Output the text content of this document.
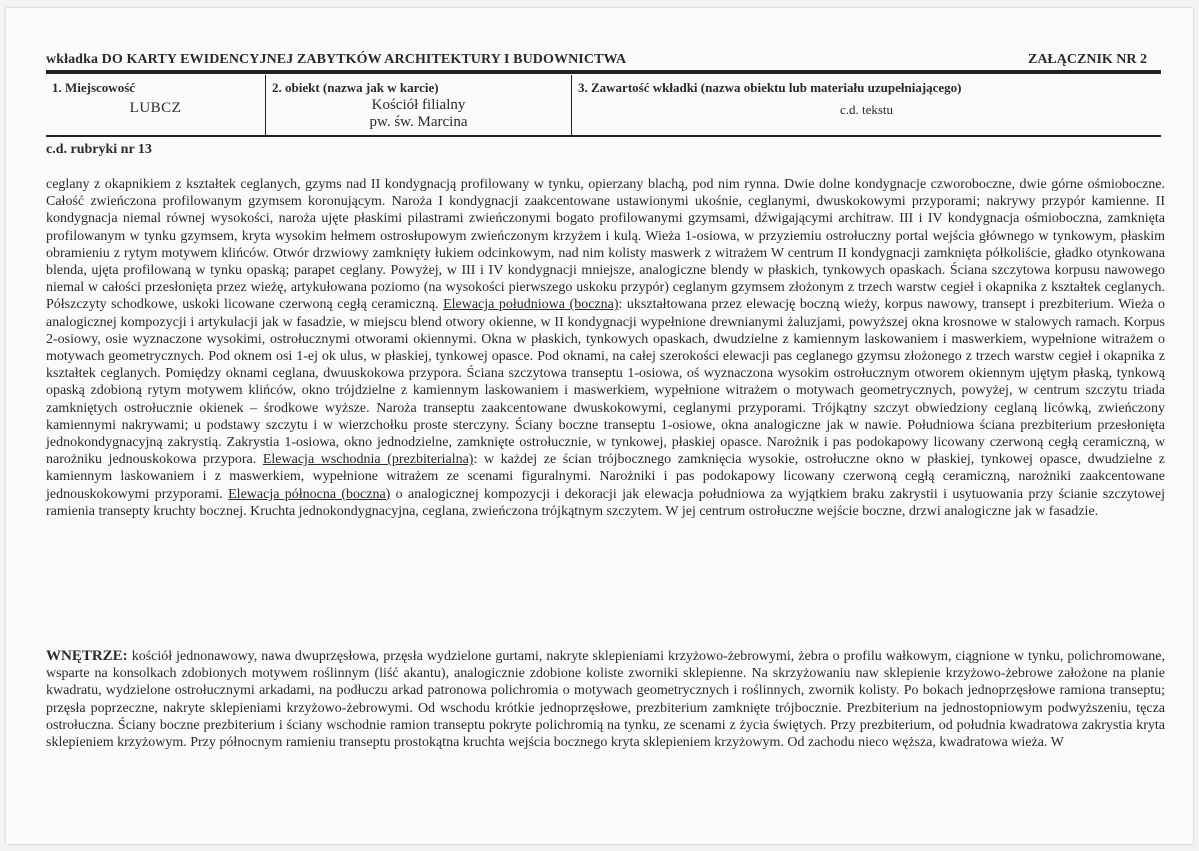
wkładka DO KARTY EWIDENCYJNEJ ZABYTKÓW ARCHITEKTURY I BUDOWNICTWA	ZAŁĄCZNIK NR 2
1. Miejscowość
LUBCZ
2. obiekt (nazwa jak w karcie)
Kościół filialny
pw. św. Marcina
3. Zawartość wkładki (nazwa obiektu lub materiału uzupełniającego)
c.d. tekstu
c.d. rubryki nr 13

ceglany z okapnikiem z kształtek ceglanych, gzyms nad II kondygnacją profilowany w tynku, opierzany blachą, pod nim rynna. Dwie dolne kondygnacje czworoboczne, dwie górne ośmioboczne. Całość zwieńczona profilowanym gzymsem koronującym. Naroża I kondygnacji zaakcentowane ustawionymi ukośnie, ceglanymi, dwuskokowymi przyporami; nakrywy przypór kamienne. II kondygnacja niemal równej wysokości, naroża ujęte płaskimi pilastrami zwieńczonymi bogato profilowanymi gzymsami, dźwigającymi architraw. III i IV kondygnacja ośmioboczna, zamknięta profilowanym w tynku gzymsem, kryta wysokim hełmem ostrosłupowym zwieńczonym krzyżem i kulą. Wieża 1-osiowa, w przyziemiu ostrołuczny portal wejścia głównego w tynkowym, płaskim obramieniu z rytym motywem klińców. Otwór drzwiowy zamknięty łukiem odcinkowym, nad nim kolisty maswerk z witrażem W centrum II kondygnacji zamknięta półkoliście, gładko otynkowana blenda, ujęta profilowaną w tynku opaską; parapet ceglany. Powyżej, w III i IV kondygnacji mniejsze, analogiczne blendy w płaskich, tynkowych opaskach. Ściana szczytowa korpusu nawowego niemal w całości przesłonięta przez wieżę, artykułowana poziomo (na wysokości pierwszego uskoku przypór) ceglanym gzymsem złożonym z trzech warstw cegieł i okapnika z kształtek ceglanych. Półszczyty schodkowe, uskoki licowane czerwoną cegłą ceramiczną. Elewacja południowa (boczna): ukształtowana przez elewację boczną wieży, korpus nawowy, transept i prezbiterium. Wieża o analogicznej kompozycji i artykulacji jak w fasadzie, w miejscu blend otwory okienne, w II kondygnacji wypełnione drewnianymi żaluzjami, powyższej okna krosnowe w stalowych ramach. Korpus 2-osiowy, osie wyznaczone wysokimi, ostrołucznymi otworami okiennymi. Okna w płaskich, tynkowych opaskach, dwudzielne z kamiennym laskowaniem i maswerkiem, wypełnione witrażem o motywach geometrycznych. Pod oknem osi 1-ej ok ulus, w płaskiej, tynkowej opasce. Pod oknami, na całej szerokości elewacji pas ceglanego gzymsu złożonego z trzech warstw cegieł i okapnika z kształtek ceglanych. Pomiędzy oknami ceglana, dwuuskokowa przypora. Ściana szczytowa transeptu 1-osiowa, oś wyznaczona wysokim ostrołucznym otworem okiennym ujętym płaską, tynkową opaską zdobioną rytym motywem klińców, okno trójdzielne z kamiennym laskowaniem i maswerkiem, wypełnione witrażem o motywach geometrycznych, powyżej, w centrum szczytu triada zamkniętych ostrołucznie okienek – środkowe wyższe. Naroża transeptu zaakcentowane dwuskokowymi, ceglanymi przyporami. Trójkątny szczyt obwiedziony ceglaną licówką, zwieńczony kamiennymi nakrywami; u podstawy szczytu i w wierzchołku proste sterczyny. Ściany boczne transeptu 1-osiowe, okna analogiczne jak w nawie. Południowa ściana prezbiterium przesłonięta jednokondygnacyjną zakrystią. Zakrystia 1-osiowa, okno jednodzielne, zamknięte ostrołucznie, w tynkowej, płaskiej opasce. Narożnik i pas podokapowy licowany czerwoną cegłą ceramiczną, w narożniku jednouskokowa przypora. Elewacja wschodnia (prezbiterialna): w każdej ze ścian trójbocznego zamknięcia wysokie, ostrołuczne okno w płaskiej, tynkowej opasce, dwudzielne z kamiennym laskowaniem i z maswerkiem, wypełnione witrażem ze scenami figuralnymi. Narożniki i pas podokapowy licowany czerwoną cegłą ceramiczną, narożniki zaakcentowane jednouskokowymi przyporami. Elewacja północna (boczna) o analogicznej kompozycji i dekoracji jak elewacja południowa za wyjątkiem braku zakrystii i usytuowania przy ścianie szczytowej ramienia transepty kruchty bocznej. Kruchta jednokondygnacyjna, ceglana, zwieńczona trójkątnym szczytem. W jej centrum ostrołuczne wejście boczne, drzwi analogiczne jak w fasadzie.

WNĘTRZE: kościół jednonawowy, nawa dwuprzęsłowa, przęsła wydzielone gurtami, nakryte sklepieniami krzyżowo-żebrowymi, żebra o profilu wałkowym, ciągnione w tynku, polichromowane, wsparte na konsolkach zdobionych motywem roślinnym (liść akantu), analogicznie zdobione koliste zworniki sklepienne. Na skrzyżowaniu naw sklepienie krzyżowo-żebrowe założone na planie kwadratu, wydzielone ostrołucznymi arkadami, na podłuczu arkad patronowa polichromia o motywach geometrycznych i roślinnych, zwornik kolisty. Po bokach jednoprzęsłowe ramiona transeptu; przęsła poprzeczne, nakryte sklepieniami krzyżowo-żebrowymi. Od wschodu krótkie jednoprzęsłowe, prezbiterium zamknięte trójbocznie. Prezbiterium na jednostopniowym podwyższeniu, tęcza ostrołuczna. Ściany boczne prezbiterium i ściany wschodnie ramion transeptu pokryte polichromią na tynku, ze scenami z życia świętych. Przy prezbiterium, od południa kwadratowa zakrystia kryta sklepieniem krzyżowym. Przy północnym ramieniu transeptu prostokątna kruchta wejścia bocznego kryta sklepieniem krzyżowym. Od zachodu nieco węższa, kwadratowa wieża. W
